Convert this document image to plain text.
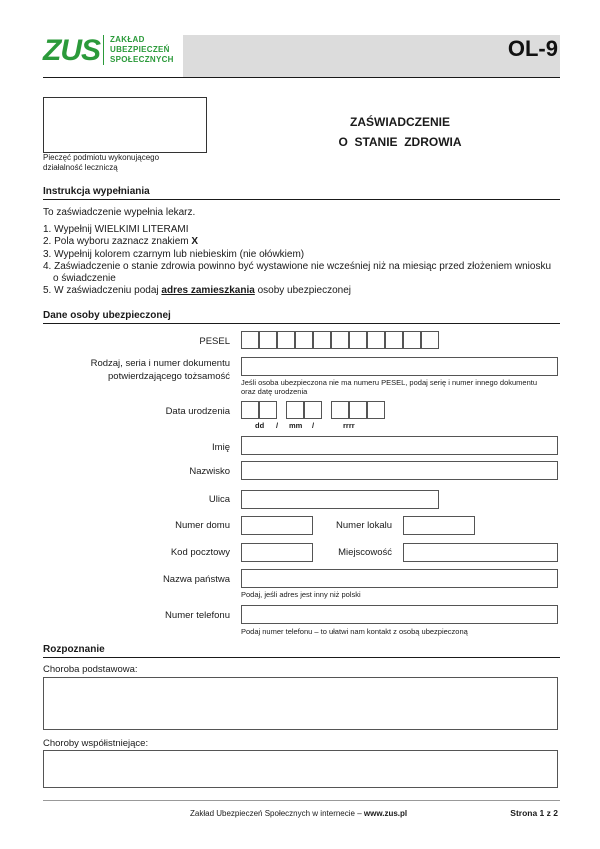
ZUS ZAKŁAD
UBEZPIECZEŃ
SPOŁECZNYCH	OL-9
Pieczęć podmiotu wykonującego
działalność leczniczą
ZAŚWIADCZENIE
O  STANIE  ZDROWIA
Instrukcja wypełniania
To zaświadczenie wypełnia lekarz.
1. Wypełnij WIELKIMI LITERAMI
2. Pola wyboru zaznacz znakiem X
3. Wypełnij kolorem czarnym lub niebieskim (nie ołówkiem)
4. Zaświadczenie o stanie zdrowia powinno być wystawione nie wcześniej niż na miesiąc przed złożeniem wniosku
o świadczenie
5. W zaświadczeniu podaj adres zamieszkania osoby ubezpieczonej
Dane osoby ubezpieczonej
PESEL
Rodzaj, seria i numer dokumentu
potwierdzającego tożsamość
Jeśli osoba ubezpieczona nie ma numeru PESEL, podaj serię i numer innego dokumentu
oraz datę urodzenia
Data urodzenia
dd / mm /	rrrr
Imię
Nazwisko
Ulica
Numer domu	Numer lokalu
Kod pocztowy	Miejscowość
Nazwa państwa
Podaj, jeśli adres jest inny niż polski
Numer telefonu
Podaj numer telefonu – to ułatwi nam kontakt z osobą ubezpieczoną
Rozpoznanie
Choroba podstawowa:
Choroby współistniejące:
Zakład Ubezpieczeń Społecznych w internecie – www.zus.pl	Strona 1 z 2
